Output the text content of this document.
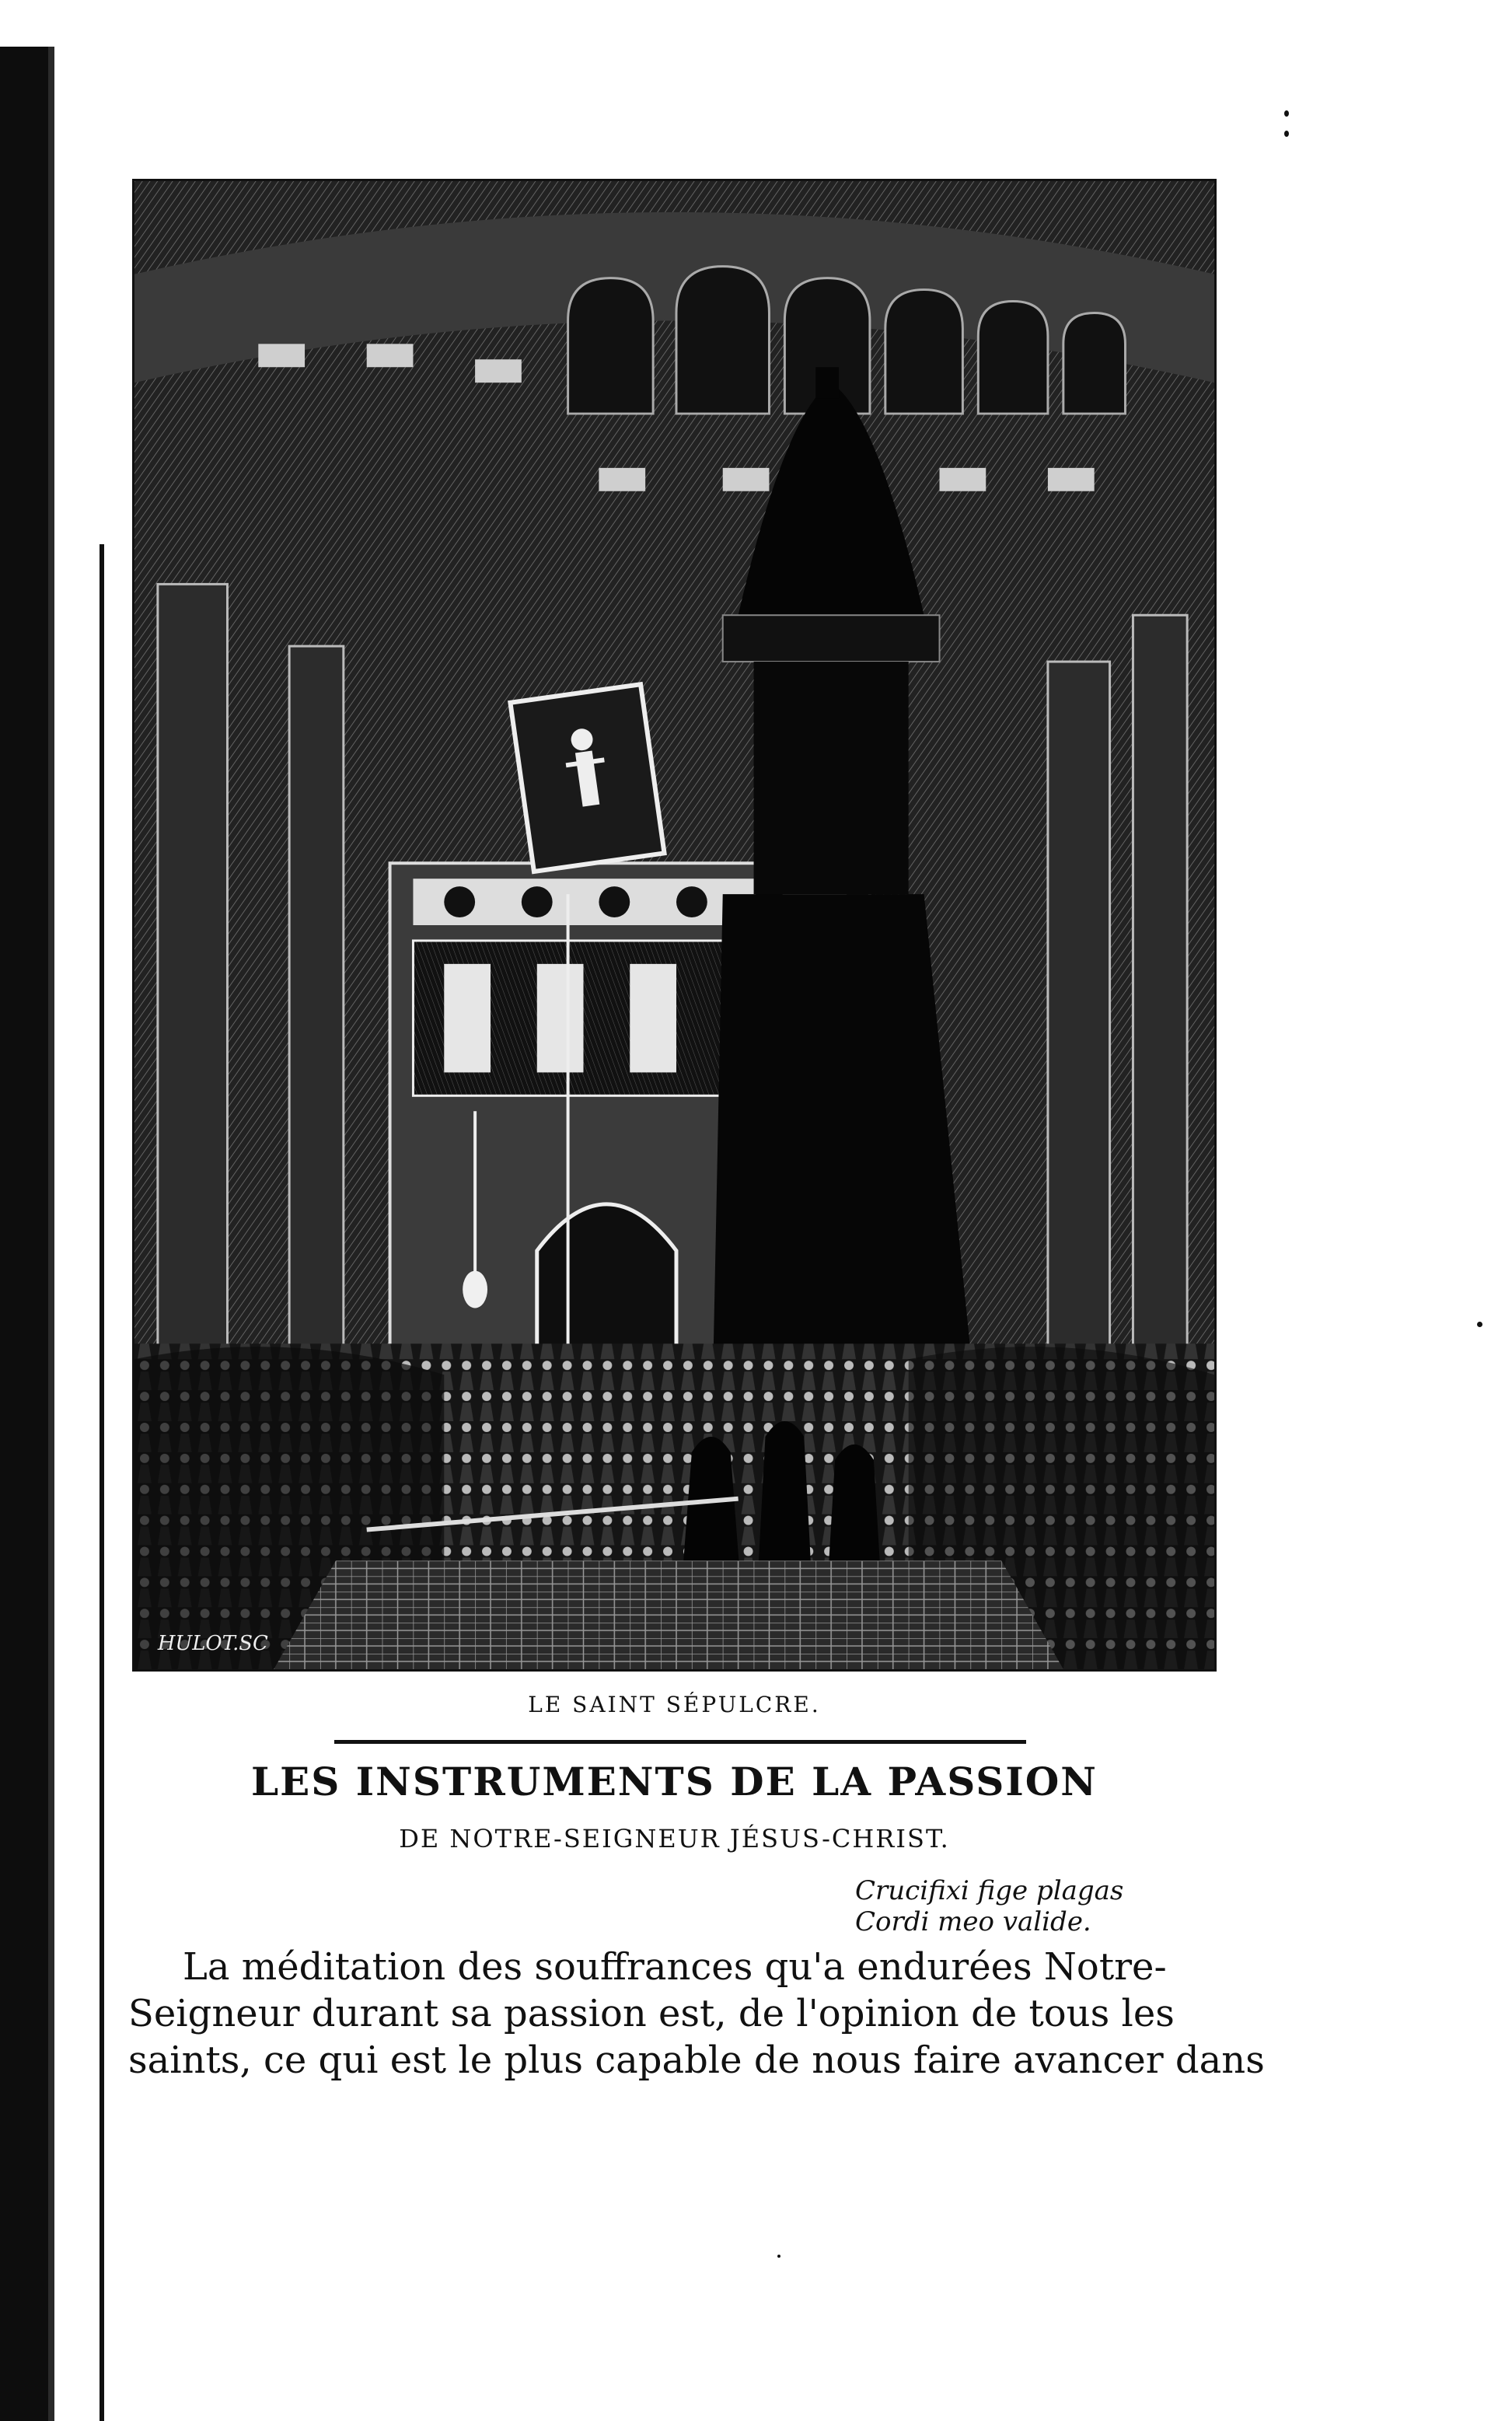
HULOT.SC
LE SAINT SÉPULCRE.
LES INSTRUMENTS DE LA PASSION
DE NOTRE-SEIGNEUR JÉSUS-CHRIST.
Crucifixi fige plagas
Cordi meo valide.
La méditation des souffrances qu'a endurées Notre-
Seigneur durant sa passion est, de l'opinion de tous les
saints, ce qui est le plus capable de nous faire avancer dans
